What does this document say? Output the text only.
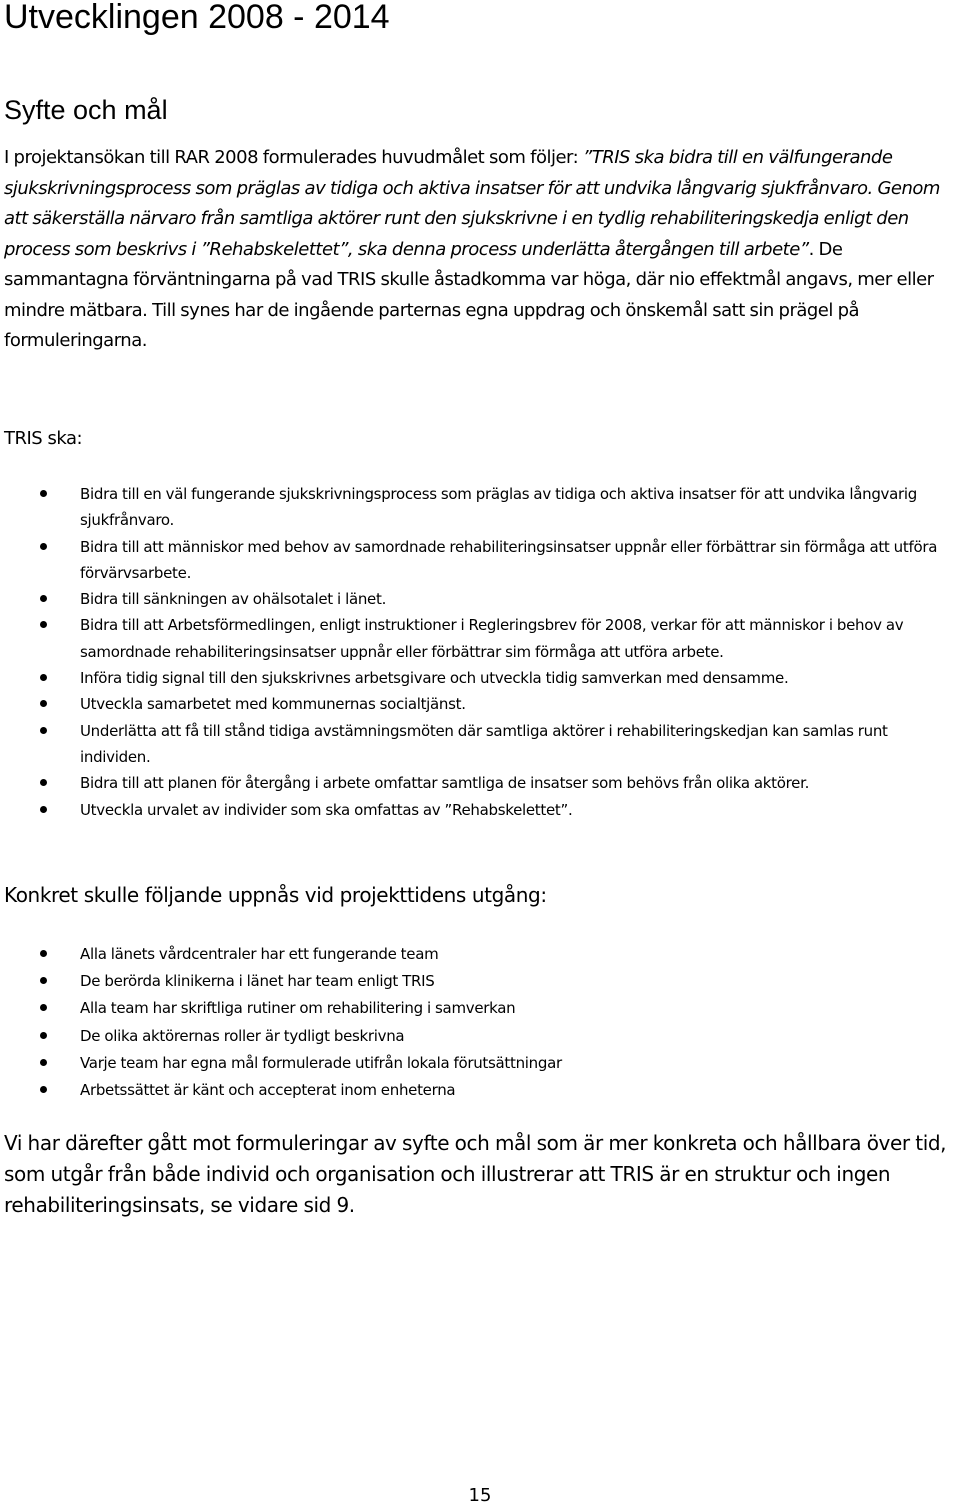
Utvecklingen 2008 - 2014
Syfte och mål

I projektansökan till RAR 2008 formulerades huvudmålet som följer: ”TRIS ska bidra till en välfungerande sjukskrivningsprocess som präglas av tidiga och aktiva insatser för att undvika långvarig sjukfrånvaro. Genom att säkerställa närvaro från samtliga aktörer runt den sjukskrivne i en tydlig rehabiliteringskedja enligt den process som beskrivs i ”Rehabskelettet”, ska denna process underlätta återgången till arbete”. De sammantagna förväntningarna på vad TRIS skulle åstadkomma var höga, där nio effektmål angavs, mer eller mindre mätbara. Till synes har de ingående parternas egna uppdrag och önskemål satt sin prägel på formuleringarna.

TRIS ska:

Bidra till en väl fungerande sjukskrivningsprocess som präglas av tidiga och aktiva insatser för att undvika långvarig sjukfrånvaro.
Bidra till att människor med behov av samordnade rehabiliteringsinsatser uppnår eller förbättrar sin förmåga att utföra förvärvsarbete.
Bidra till sänkningen av ohälsotalet i länet.
Bidra till att Arbetsförmedlingen, enligt instruktioner i Regleringsbrev för 2008, verkar för att människor i behov av samordnade rehabiliteringsinsatser uppnår eller förbättrar sim förmåga att utföra arbete.
Införa tidig signal till den sjukskrivnes arbetsgivare och utveckla tidig samverkan med densamme.
Utveckla samarbetet med kommunernas socialtjänst.
Underlätta att få till stånd tidiga avstämningsmöten där samtliga aktörer i rehabiliteringskedjan kan samlas runt individen.
Bidra till att planen för återgång i arbete omfattar samtliga de insatser som behövs från olika aktörer.
Utveckla urvalet av individer som ska omfattas av ”Rehabskelettet”.
Konkret skulle följande uppnås vid projekttidens utgång:
Alla länets vårdcentraler har ett fungerande team
De berörda klinikerna i länet har team enligt TRIS
Alla team har skriftliga rutiner om rehabilitering i samverkan
De olika aktörernas roller är tydligt beskrivna
Varje team har egna mål formulerade utifrån lokala förutsättningar
Arbetssättet är känt och accepterat inom enheterna

Vi har därefter gått mot formuleringar av syfte och mål som är mer konkreta och hållbara över tid, som utgår från både individ och organisation och illustrerar att TRIS är en struktur och ingen rehabiliteringsinsats, se vidare sid 9.

15
